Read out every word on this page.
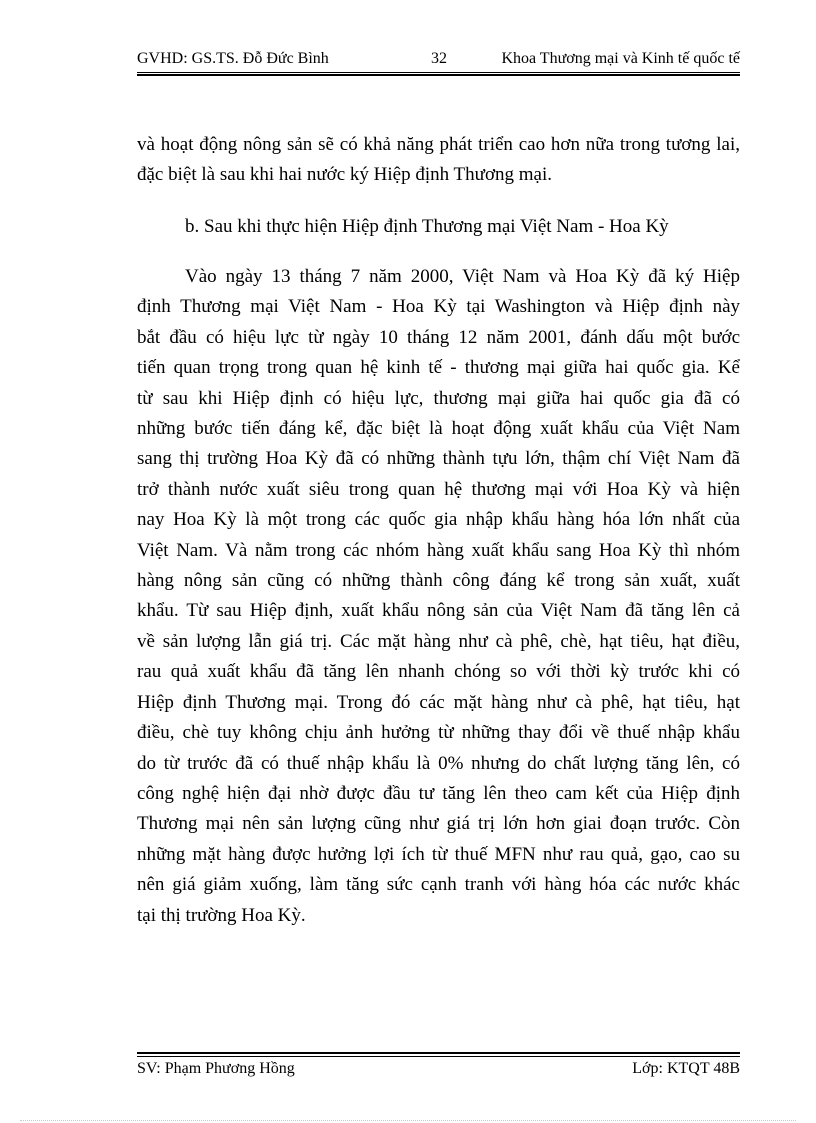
GVHD: GS.TS. Đỗ Đức Bình	32	Khoa Thương mại và Kinh tế quốc tế
và hoạt động nông sản sẽ có khả năng phát triển cao hơn nữa trong tương lai,
đặc biệt là sau khi hai nước ký Hiệp định Thương mại.
b. Sau khi thực hiện Hiệp định Thương mại Việt Nam - Hoa Kỳ
Vào ngày 13 tháng 7 năm 2000, Việt Nam và Hoa Kỳ đã ký Hiệp
định Thương mại Việt Nam - Hoa Kỳ tại Washington và Hiệp định này
bắt đầu có hiệu lực từ ngày 10 tháng 12 năm 2001, đánh dấu một bước
tiến quan trọng trong quan hệ kinh tế - thương mại giữa hai quốc gia. Kể
từ sau khi Hiệp định có hiệu lực, thương mại giữa hai quốc gia đã có
những bước tiến đáng kể, đặc biệt là hoạt động xuất khẩu của Việt Nam
sang thị trường Hoa Kỳ đã có những thành tựu lớn, thậm chí Việt Nam đã
trở thành nước xuất siêu trong quan hệ thương mại với Hoa Kỳ và hiện
nay Hoa Kỳ là một trong các quốc gia nhập khẩu hàng hóa lớn nhất của
Việt Nam. Và nằm trong các nhóm hàng xuất khẩu sang Hoa Kỳ thì nhóm
hàng nông sản cũng có những thành công đáng kể trong sản xuất, xuất
khẩu. Từ sau Hiệp định, xuất khẩu nông sản của Việt Nam đã tăng lên cả
về sản lượng lẫn giá trị. Các mặt hàng như cà phê, chè, hạt tiêu, hạt điều,
rau quả xuất khẩu đã tăng lên nhanh chóng so với thời kỳ trước khi có
Hiệp định Thương mại. Trong đó các mặt hàng như cà phê, hạt tiêu, hạt
điều, chè tuy không chịu ảnh hưởng từ những thay đổi về thuế nhập khẩu
do từ trước đã có thuế nhập khẩu là 0% nhưng do chất lượng tăng lên, có
công nghệ hiện đại nhờ được đầu tư tăng lên theo cam kết của Hiệp định
Thương mại nên sản lượng cũng như giá trị lớn hơn giai đoạn trước. Còn
những mặt hàng được hưởng lợi ích từ thuế MFN như rau quả, gạo, cao su
nên giá giảm xuống, làm tăng sức cạnh tranh với hàng hóa các nước khác
tại thị trường Hoa Kỳ.
SV: Phạm Phương Hồng	Lớp: KTQT 48B
